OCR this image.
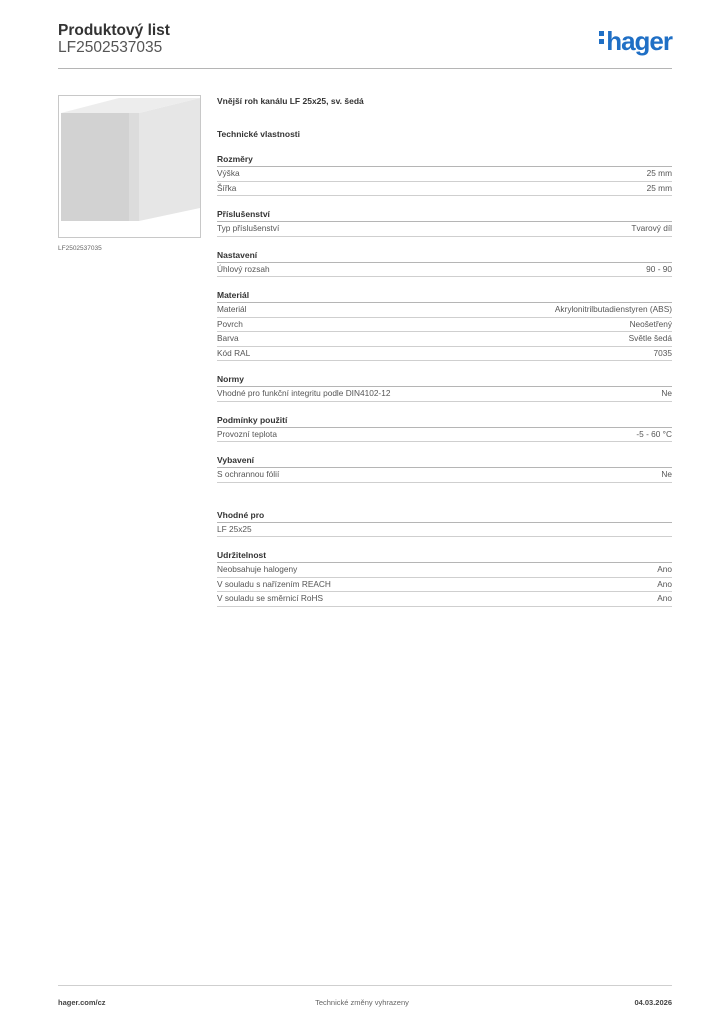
Produktový list
LF2502537035	hager
LF2502537035
Vnější roh kanálu LF 25x25, sv. šedá
Technické vlastnosti
Rozměry
Výška	25 mm
Šířka	25 mm
Příslušenství
Typ příslušenství	Tvarový díl
Nastavení
Úhlový rozsah	90 - 90
Materiál
Materiál	Akrylonitrilbutadienstyren (ABS)
Povrch	Neošetřený
Barva	Světle šedá
Kód RAL	7035
Normy
Vhodné pro funkční integritu podle DIN4102-12	Ne
Podmínky použití
Provozní teplota	-5 - 60 °C
Vybavení
S ochrannou fólií	Ne
Vhodné pro
LF 25x25
Udržitelnost
Neobsahuje halogeny	Ano
V souladu s nařízením REACH	Ano
V souladu se směrnicí RoHS	Ano
hager.com/cz	Technické změny vyhrazeny	04.03.2026
